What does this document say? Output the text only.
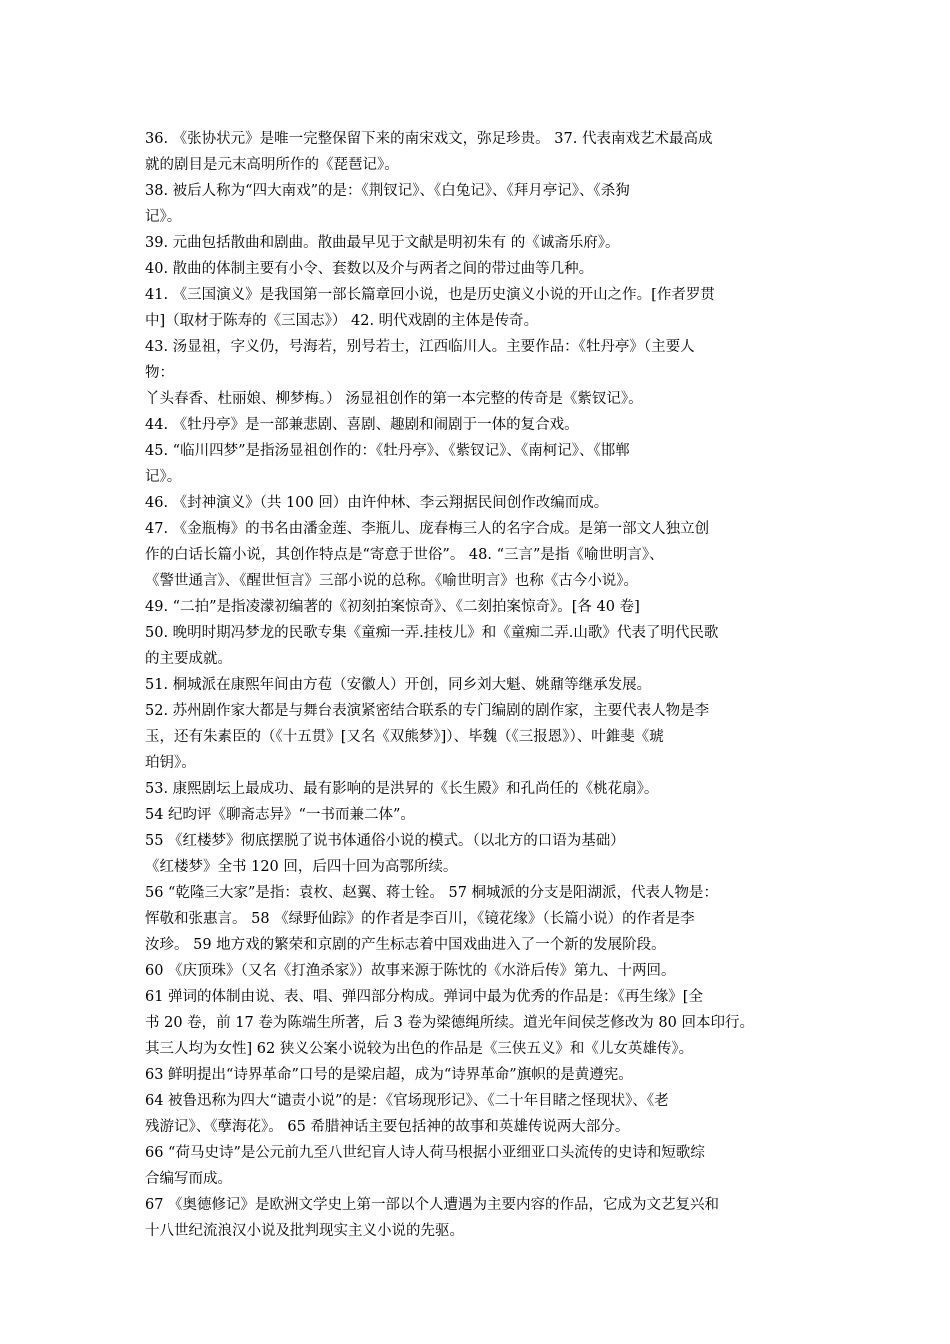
36. 《张协状元》是唯一完整保留下来的南宋戏文，弥足珍贵。 37. 代表南戏艺术最高成
就的剧目是元末高明所作的《琵琶记》。
38. 被后人称为“四大南戏”的是：《荆钗记》、《白兔记》、《拜月亭记》、《杀狗
记》。
39. 元曲包括散曲和剧曲。散曲最早见于文献是明初朱有 的《诚斋乐府》。
40. 散曲的体制主要有小令、套数以及介与两者之间的带过曲等几种。
41. 《三国演义》是我国第一部长篇章回小说，也是历史演义小说的开山之作。[作者罗贯
中]（取材于陈寿的《三国志》） 42. 明代戏剧的主体是传奇。
43. 汤显祖，字义仍，号海若，别号若士，江西临川人。主要作品：《牡丹亭》（主要人
物：
丫头春香、杜丽娘、柳梦梅。） 汤显祖创作的第一本完整的传奇是《紫钗记》。
44. 《牡丹亭》是一部兼悲剧、喜剧、趣剧和闹剧于一体的复合戏。
45. “临川四梦”是指汤显祖创作的：《牡丹亭》、《紫钗记》、《南柯记》、《邯郸
记》。
46. 《封神演义》（共 100 回）由许仲林、李云翔据民间创作改编而成。
47. 《金瓶梅》的书名由潘金莲、李瓶儿、庞春梅三人的名字合成。是第一部文人独立创
作的白话长篇小说，其创作特点是“寄意于世俗”。 48. “三言”是指《喻世明言》、
《警世通言》、《醒世恒言》三部小说的总称。《喻世明言》也称《古今小说》。
49. “二拍”是指凌濛初编著的《初刻拍案惊奇》、《二刻拍案惊奇》。[各 40 卷]
50. 晚明时期冯梦龙的民歌专集《童痴一弄.挂枝儿》和《童痴二弄.山歌》代表了明代民歌
的主要成就。
51. 桐城派在康熙年间由方苞（安徽人）开创，同乡刘大魁、姚鼐等继承发展。
52. 苏州剧作家大都是与舞台表演紧密结合联系的专门编剧的剧作家，主要代表人物是李
玉，还有朱素臣的（《十五贯》[又名《双熊梦》]）、毕魏（《三报恩》）、叶錐斐《琥
珀钥》。
53. 康熙剧坛上最成功、最有影响的是洪昇的《长生殿》和孔尚任的《桃花扇》。
54 纪昀评《聊斋志异》“一书而兼二体”。
55 《红楼梦》彻底摆脱了说书体通俗小说的模式。（以北方的口语为基础）
《红楼梦》全书 120 回，后四十回为高鄂所续。
56 “乾隆三大家”是指：袁枚、赵翼、蒋士铨。 57 桐城派的分支是阳湖派，代表人物是：
恽敬和张惠言。 58 《绿野仙踪》的作者是李百川，《镜花缘》（长篇小说）的作者是李
汝珍。 59 地方戏的繁荣和京剧的产生标志着中国戏曲进入了一个新的发展阶段。
60 《庆顶珠》（又名《打渔杀家》）故事来源于陈忱的《水浒后传》第九、十两回。
61 弹词的体制由说、表、唱、弹四部分构成。弹词中最为优秀的作品是：《再生缘》[全
书 20 卷，前 17 卷为陈端生所著，后 3 卷为梁德绳所续。道光年间侯芝修改为 80 回本印行。
其三人均为女性] 62 狭义公案小说较为出色的作品是《三侠五义》和《儿女英雄传》。
63 鲜明提出“诗界革命”口号的是梁启超，成为“诗界革命”旗帜的是黄遵宪。
64 被鲁迅称为四大“谴责小说”的是：《官场现形记》、《二十年目睹之怪现状》、《老
残游记》、《孽海花》。 65 希腊神话主要包括神的故事和英雄传说两大部分。
66 “荷马史诗”是公元前九至八世纪盲人诗人荷马根据小亚细亚口头流传的史诗和短歌综
合编写而成。
67 《奥德修记》是欧洲文学史上第一部以个人遭遇为主要内容的作品，它成为文艺复兴和
十八世纪流浪汉小说及批判现实主义小说的先驱。
